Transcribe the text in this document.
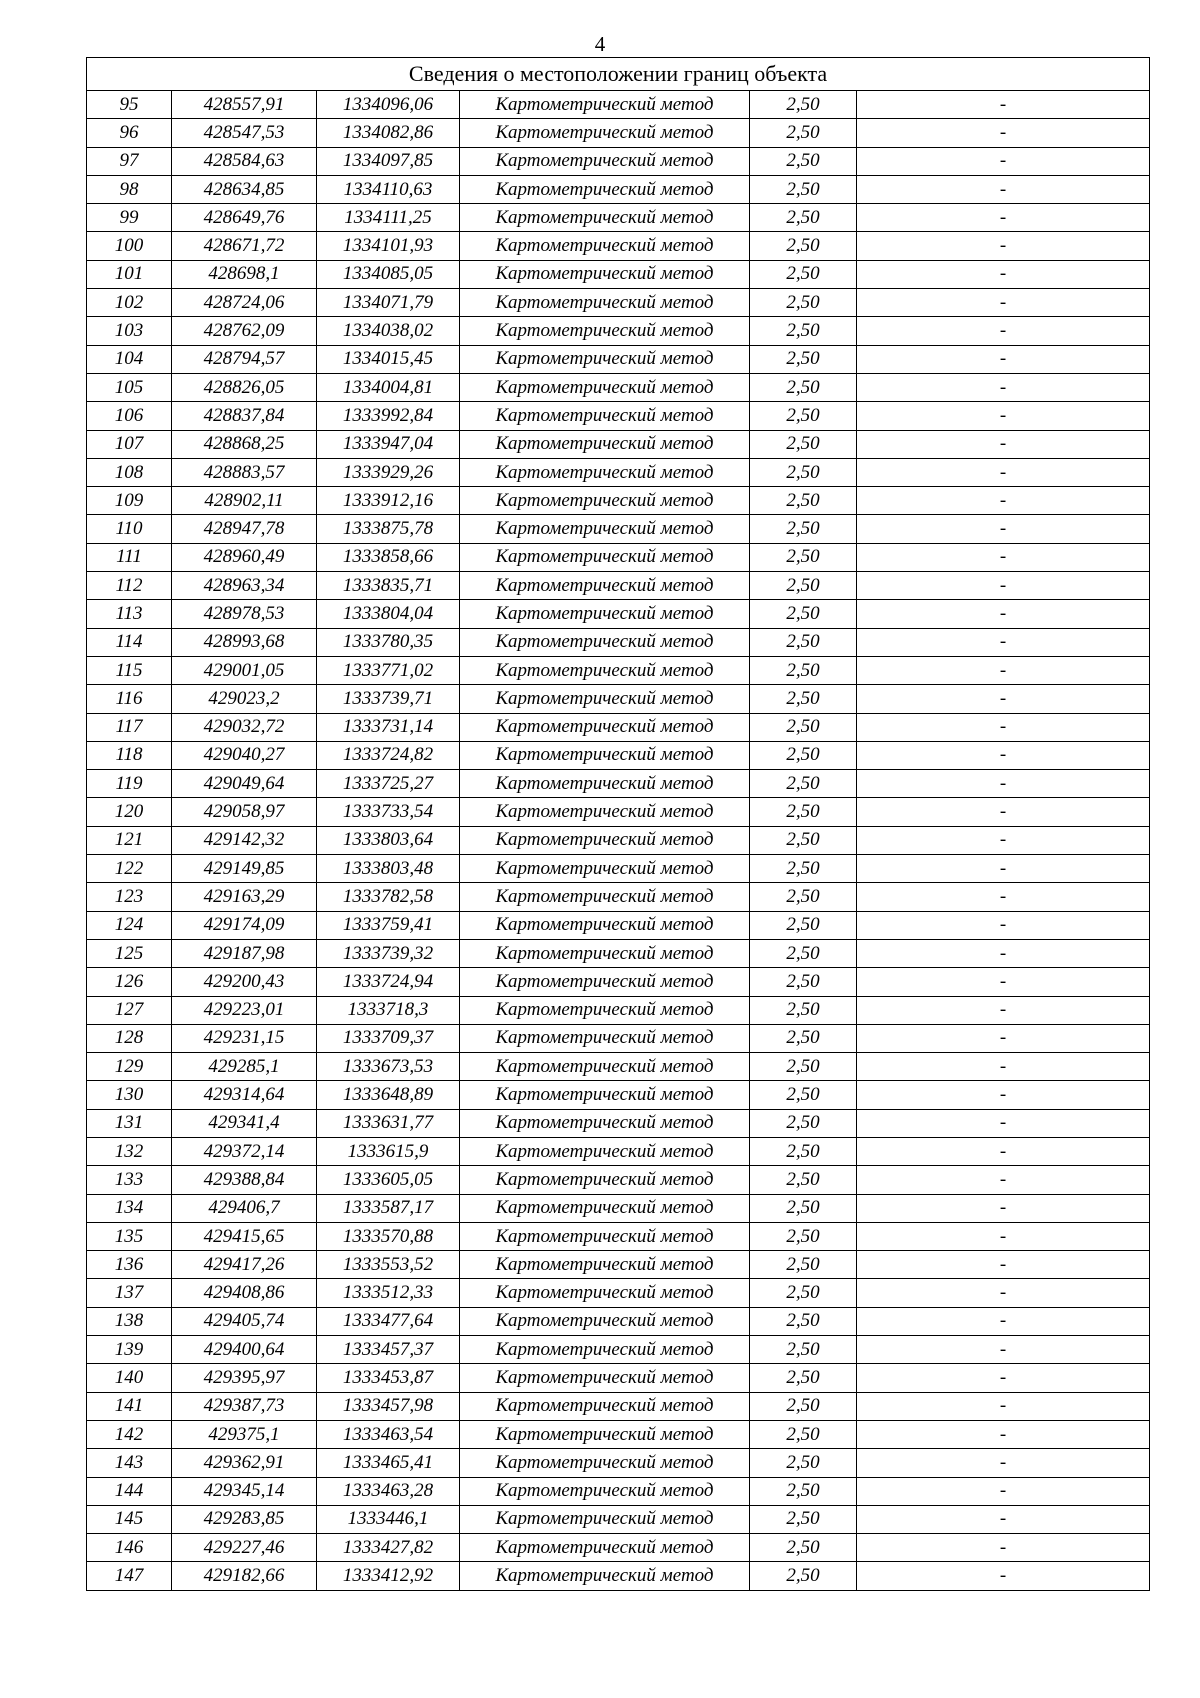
4
Сведения о местоположении границ объекта					
95	428557,91	1334096,06	Картометрический метод	2,50	-
96	428547,53	1334082,86	Картометрический метод	2,50	-
97	428584,63	1334097,85	Картометрический метод	2,50	-
98	428634,85	1334110,63	Картометрический метод	2,50	-
99	428649,76	1334111,25	Картометрический метод	2,50	-
100	428671,72	1334101,93	Картометрический метод	2,50	-
101	428698,1	1334085,05	Картометрический метод	2,50	-
102	428724,06	1334071,79	Картометрический метод	2,50	-
103	428762,09	1334038,02	Картометрический метод	2,50	-
104	428794,57	1334015,45	Картометрический метод	2,50	-
105	428826,05	1334004,81	Картометрический метод	2,50	-
106	428837,84	1333992,84	Картометрический метод	2,50	-
107	428868,25	1333947,04	Картометрический метод	2,50	-
108	428883,57	1333929,26	Картометрический метод	2,50	-
109	428902,11	1333912,16	Картометрический метод	2,50	-
110	428947,78	1333875,78	Картометрический метод	2,50	-
111	428960,49	1333858,66	Картометрический метод	2,50	-
112	428963,34	1333835,71	Картометрический метод	2,50	-
113	428978,53	1333804,04	Картометрический метод	2,50	-
114	428993,68	1333780,35	Картометрический метод	2,50	-
115	429001,05	1333771,02	Картометрический метод	2,50	-
116	429023,2	1333739,71	Картометрический метод	2,50	-
117	429032,72	1333731,14	Картометрический метод	2,50	-
118	429040,27	1333724,82	Картометрический метод	2,50	-
119	429049,64	1333725,27	Картометрический метод	2,50	-
120	429058,97	1333733,54	Картометрический метод	2,50	-
121	429142,32	1333803,64	Картометрический метод	2,50	-
122	429149,85	1333803,48	Картометрический метод	2,50	-
123	429163,29	1333782,58	Картометрический метод	2,50	-
124	429174,09	1333759,41	Картометрический метод	2,50	-
125	429187,98	1333739,32	Картометрический метод	2,50	-
126	429200,43	1333724,94	Картометрический метод	2,50	-
127	429223,01	1333718,3	Картометрический метод	2,50	-
128	429231,15	1333709,37	Картометрический метод	2,50	-
129	429285,1	1333673,53	Картометрический метод	2,50	-
130	429314,64	1333648,89	Картометрический метод	2,50	-
131	429341,4	1333631,77	Картометрический метод	2,50	-
132	429372,14	1333615,9	Картометрический метод	2,50	-
133	429388,84	1333605,05	Картометрический метод	2,50	-
134	429406,7	1333587,17	Картометрический метод	2,50	-
135	429415,65	1333570,88	Картометрический метод	2,50	-
136	429417,26	1333553,52	Картометрический метод	2,50	-
137	429408,86	1333512,33	Картометрический метод	2,50	-
138	429405,74	1333477,64	Картометрический метод	2,50	-
139	429400,64	1333457,37	Картометрический метод	2,50	-
140	429395,97	1333453,87	Картометрический метод	2,50	-
141	429387,73	1333457,98	Картометрический метод	2,50	-
142	429375,1	1333463,54	Картометрический метод	2,50	-
143	429362,91	1333465,41	Картометрический метод	2,50	-
144	429345,14	1333463,28	Картометрический метод	2,50	-
145	429283,85	1333446,1	Картометрический метод	2,50	-
146	429227,46	1333427,82	Картометрический метод	2,50	-
147	429182,66	1333412,92	Картометрический метод	2,50	-
